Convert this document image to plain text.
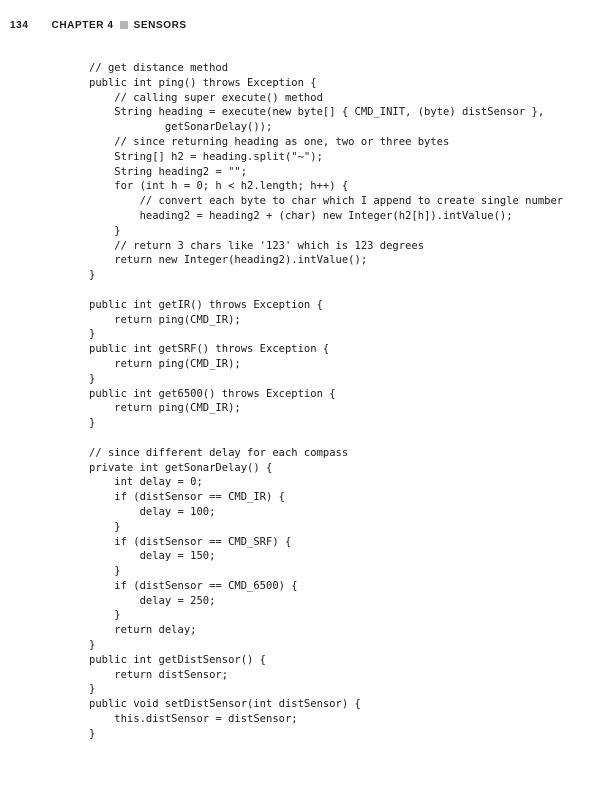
134 CHAPTER 4 SENSORS
// get distance method
public int ping() throws Exception {
// calling super execute() method
String heading = execute(new byte[] { CMD_INIT, (byte) distSensor },
getSonarDelay());
// since returning heading as one, two or three bytes
String[] h2 = heading.split("~");
String heading2 = "";
for (int h = 0; h < h2.length; h++) {
// convert each byte to char which I append to create single number
heading2 = heading2 + (char) new Integer(h2[h]).intValue();
}
// return 3 chars like '123' which is 123 degrees
return new Integer(heading2).intValue();
}
public int getIR() throws Exception {
return ping(CMD_IR);
}
public int getSRF() throws Exception {
return ping(CMD_IR);
}
public int get6500() throws Exception {
return ping(CMD_IR);
}
// since different delay for each compass
private int getSonarDelay() {
int delay = 0;
if (distSensor == CMD_IR) {
delay = 100;
}
if (distSensor == CMD_SRF) {
delay = 150;
}
if (distSensor == CMD_6500) {
delay = 250;
}
return delay;
}
public int getDistSensor() {
return distSensor;
}
public void setDistSensor(int distSensor) {
this.distSensor = distSensor;
}
